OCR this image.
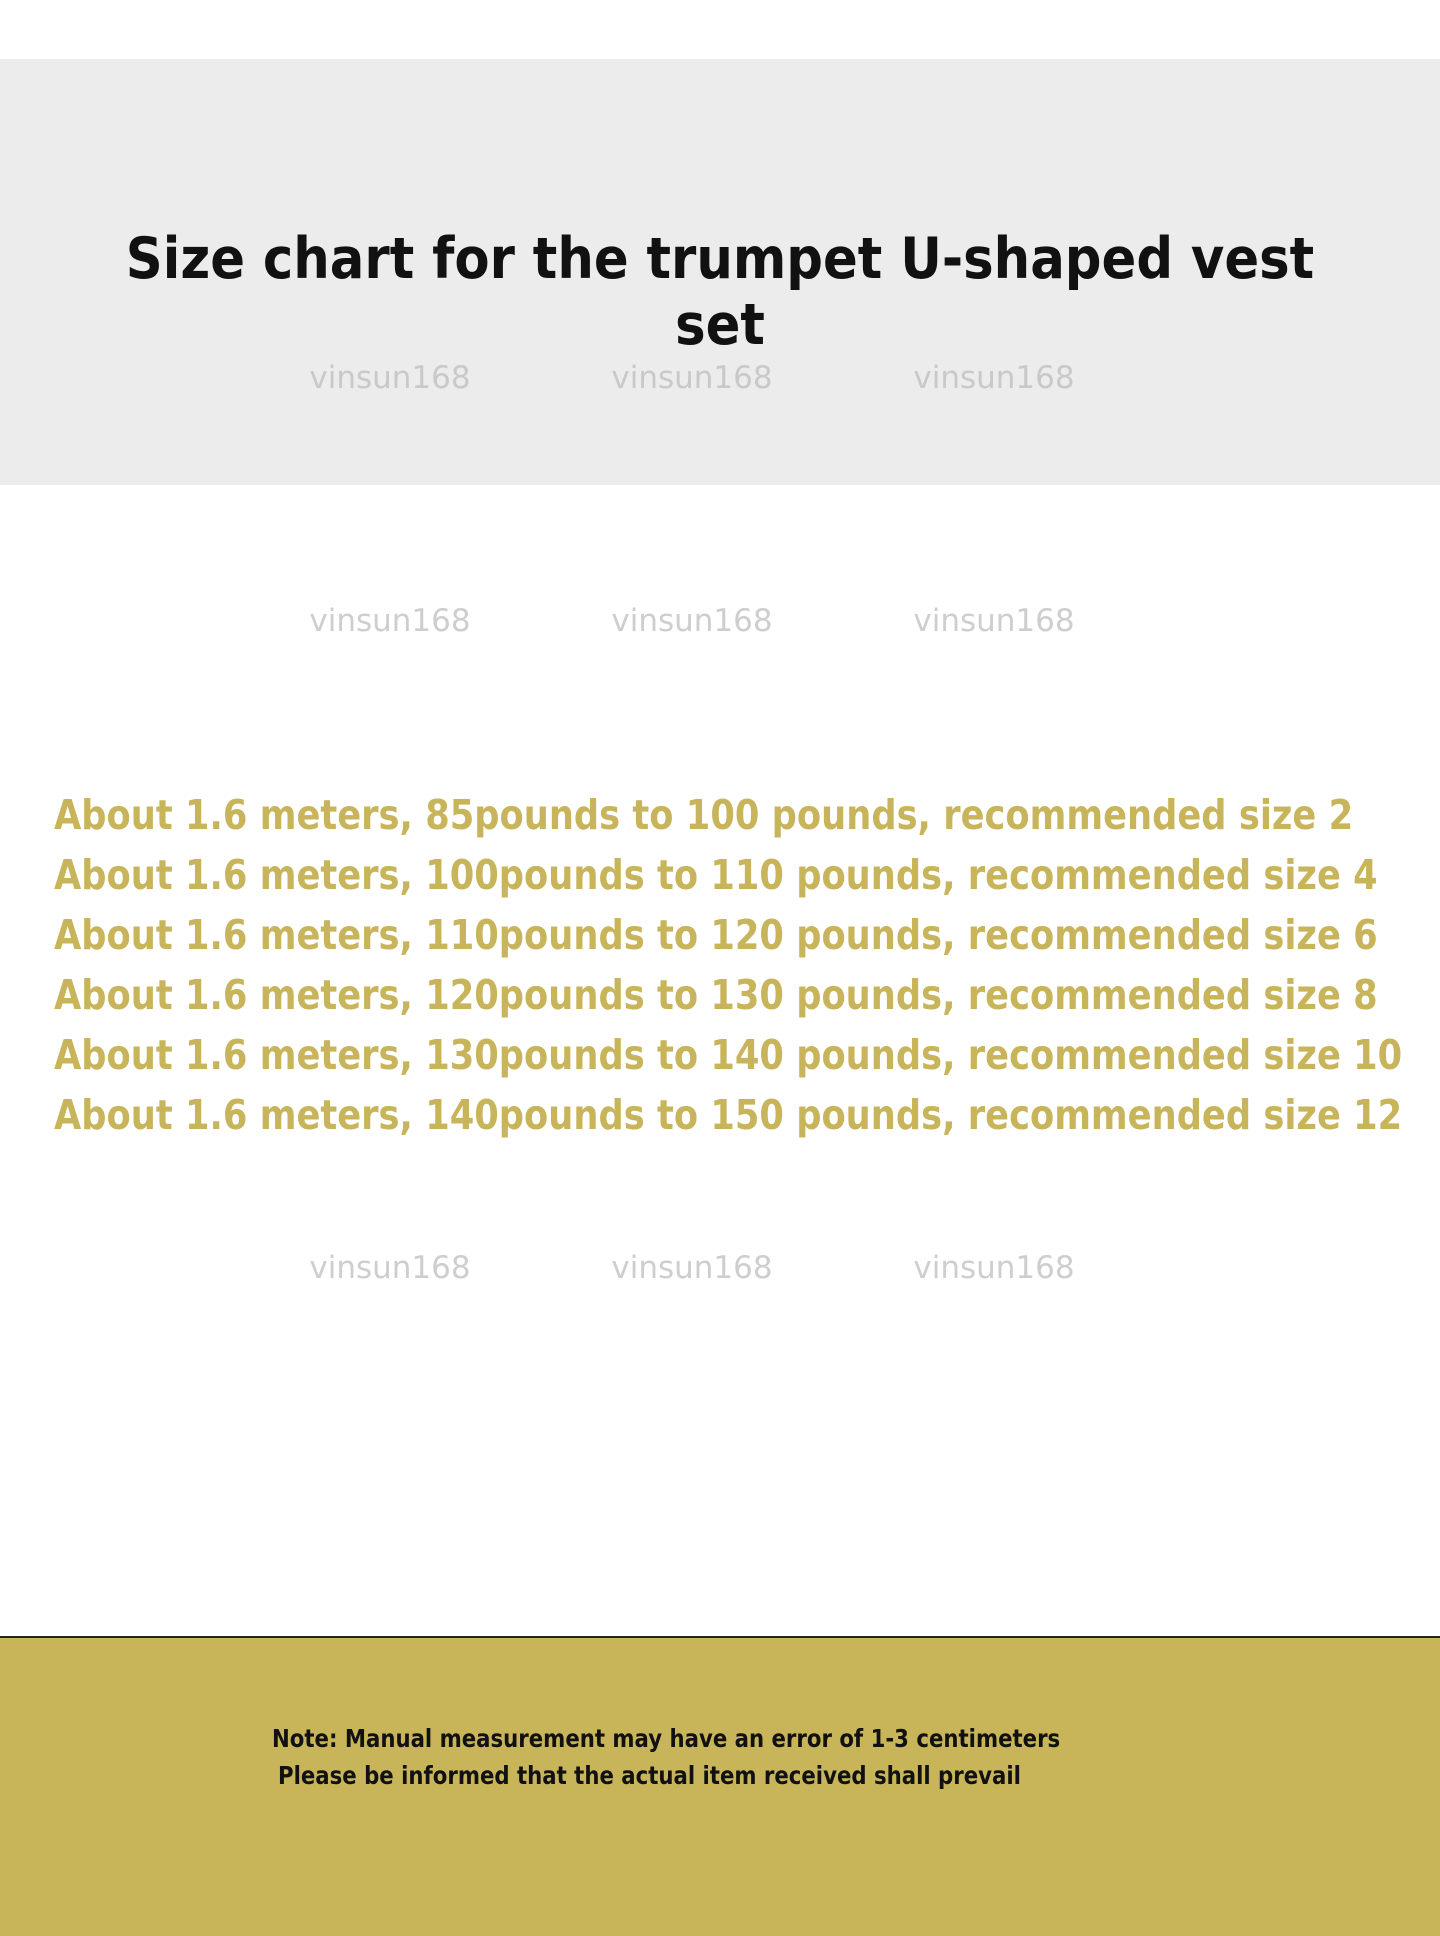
Size chart for the trumpet U-shaped vest set
vinsun168	vinsun168	vinsun168
vinsun168	vinsun168	vinsun168
About 1.6 meters, 85pounds to 100 pounds, recommended size 2
About 1.6 meters, 100pounds to 110 pounds, recommended size 4
About 1.6 meters, 110pounds to 120 pounds, recommended size 6
About 1.6 meters, 120pounds to 130 pounds, recommended size 8
About 1.6 meters, 130pounds to 140 pounds, recommended size 10
About 1.6 meters, 140pounds to 150 pounds, recommended size 12
vinsun168	vinsun168	vinsun168
Note: Manual measurement may have an error of 1-3 centimeters
Please be informed that the actual item received shall prevail
